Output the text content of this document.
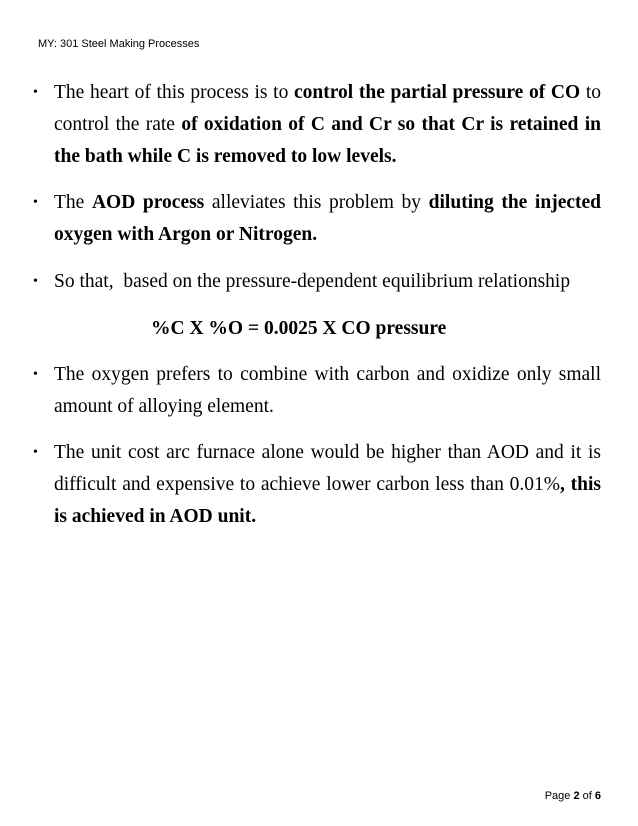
MY: 301 Steel Making Processes
• The heart of this process is to control the partial pressure of CO to control the rate of oxidation of C and Cr so that Cr is retained in the bath while C is removed to low levels.
• The AOD process alleviates this problem by diluting the injected oxygen with Argon or Nitrogen.
• So that,  based on the pressure-dependent equilibrium relationship
%C X %O = 0.0025 X CO pressure
• The oxygen prefers to combine with carbon and oxidize only small amount of alloying element.
• The unit cost arc furnace alone would be higher than AOD and it is difficult and expensive to achieve lower carbon less than 0.01%, this is achieved in AOD unit.
Page 2 of 6
